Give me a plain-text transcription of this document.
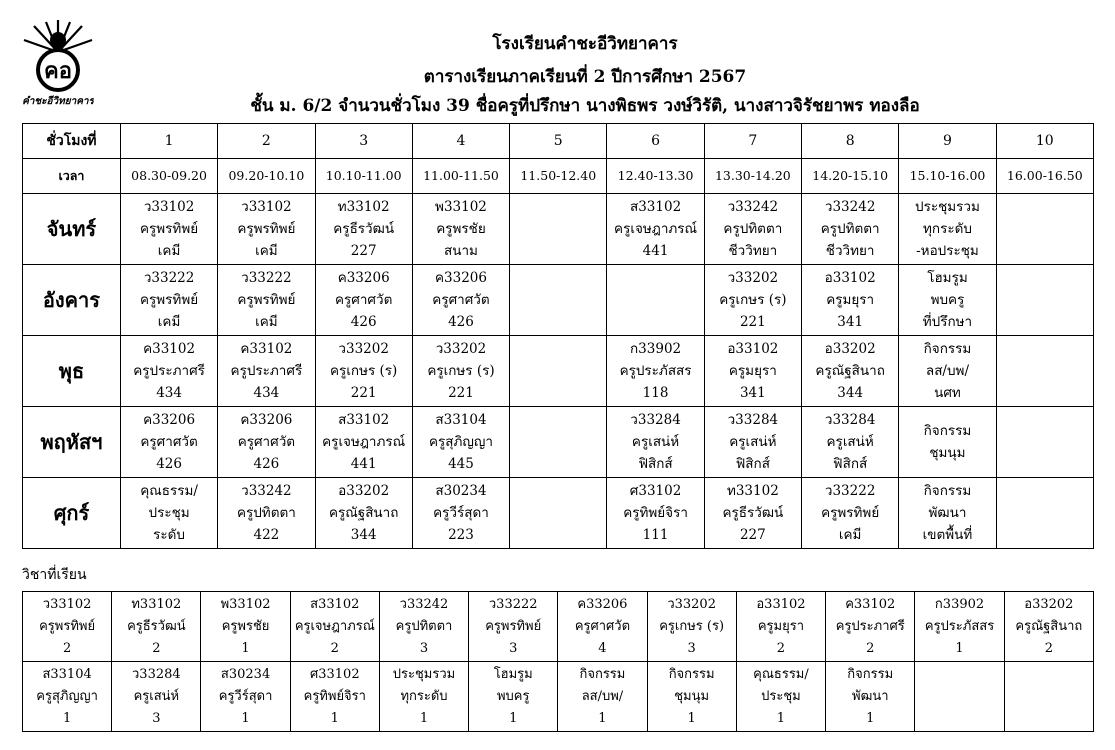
คอ
คำชะอีวิทยาคาร
โรงเรียนคำชะอีวิทยาคาร
ตารางเรียนภาคเรียนที่ 2 ปีการศึกษา 2567
ชั้น ม. 6/2 จำนวนชั่วโมง 39 ชื่อครูที่ปรึกษา นางพิธพร วงษ์วิรัติ, นางสาวจิรัชยาพร ทองลือ
ชั่วโมงที่	1	2	3	4	5	6	7	8	9	10
เวลา	08.30-09.20	09.20-10.10	10.10-11.00	11.00-11.50	11.50-12.40	12.40-13.30	13.30-14.20	14.20-15.10	15.10-16.00	16.00-16.50
จันทร์	ว33102
ครูพรทิพย์
เคมี	ว33102
ครูพรทิพย์
เคมี	ท33102
ครูธีรวัฒน์
227	พ33102
ครูพรชัย
สนาม		ส33102
ครูเจษฎาภรณ์
441	ว33242
ครูปทิตตา
ชีววิทยา	ว33242
ครูปทิตตา
ชีววิทยา	ประชุมรวม
ทุกระดับ
-หอประชุม	

อังคาร	ว33222
ครูพรทิพย์
เคมี	ว33222
ครูพรทิพย์
เคมี	ค33206
ครูศาศวัต
426	ค33206
ครูศาศวัต
426			ว33202
ครูเกษร (ร)
221	อ33102
ครูมยุรา
341	โฮมรูม
พบครู
ที่ปรึกษา	

พุธ	ค33102
ครูประภาศรี
434	ค33102
ครูประภาศรี
434	ว33202
ครูเกษร (ร)
221	ว33202
ครูเกษร (ร)
221		ก33902
ครูประภัสสร
118	อ33102
ครูมยุรา
341	อ33202
ครูณัฐสินาถ
344	กิจกรรม
ลส/บพ/
นศท	

พฤหัสฯ	ค33206
ครูศาศวัต
426	ค33206
ครูศาศวัต
426	ส33102
ครูเจษฎาภรณ์
441	ส33104
ครูสุภิญญา
445		ว33284
ครูเสน่ห์
ฟิสิกส์	ว33284
ครูเสน่ห์
ฟิสิกส์	ว33284
ครูเสน่ห์
ฟิสิกส์	กิจกรรม
ชุมนุม	

ศุกร์	คุณธรรม/
ประชุม
ระดับ	ว33242
ครูปทิตตา
422	อ33202
ครูณัฐสินาถ
344	ส30234
ครูวีร์สุดา
223		ศ33102
ครูทิพย์จิรา
111	ท33102
ครูธีรวัฒน์
227	ว33222
ครูพรทิพย์
เคมี	กิจกรรม
พัฒนา
เขตพื้นที่	

วิชาที่เรียน
ว33102
ครูพรทิพย์
2	ท33102
ครูธีรวัฒน์
2	พ33102
ครูพรชัย
1	ส33102
ครูเจษฎาภรณ์
2	ว33242
ครูปทิตตา
3	ว33222
ครูพรทิพย์
3	ค33206
ครูศาศวัต
4	ว33202
ครูเกษร (ร)
3	อ33102
ครูมยุรา
2	ค33102
ครูประภาศรี
2	ก33902
ครูประภัสสร
1	อ33202
ครูณัฐสินาถ
2

ส33104
ครูสุภิญญา
1	ว33284
ครูเสน่ห์
3	ส30234
ครูวีร์สุดา
1	ศ33102
ครูทิพย์จิรา
1	ประชุมรวม
ทุกระดับ
1	โฮมรูม
พบครู
1	กิจกรรม
ลส/บพ/
1	กิจกรรม
ชุมนุม
1	คุณธรรม/
ประชุม
1	กิจกรรม
พัฒนา
1		
